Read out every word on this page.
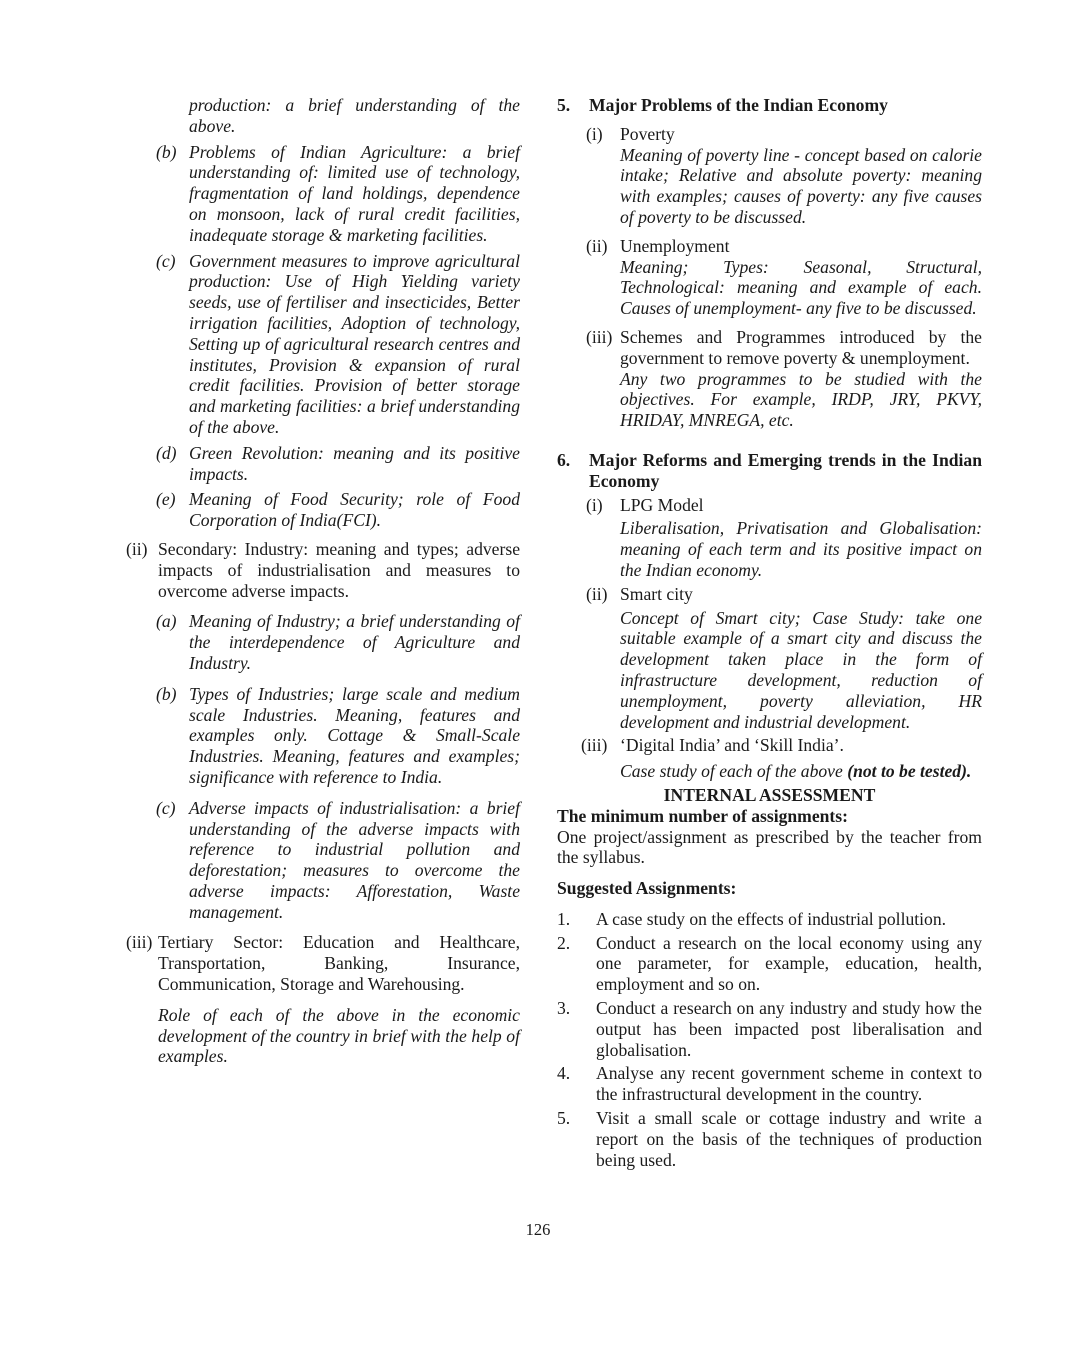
production: a brief understanding of the above.
(b) Problems of Indian Agriculture: a brief understanding of: limited use of technology, fragmentation of land holdings, dependence on monsoon, lack of rural credit facilities, inadequate storage & marketing facilities.
(c) Government measures to improve agricultural production: Use of High Yielding variety seeds, use of fertiliser and insecticides, Better irrigation facilities, Adoption of technology, Setting up of agricultural research centres and institutes, Provision & expansion of rural credit facilities. Provision of better storage and marketing facilities: a brief understanding of the above.
(d) Green Revolution: meaning and its positive impacts.
(e) Meaning of Food Security; role of Food Corporation of India(FCI).
(ii) Secondary: Industry: meaning and types; adverse impacts of industrialisation and measures to overcome adverse impacts.
(a) Meaning of Industry; a brief understanding of the interdependence of Agriculture and Industry.
(b) Types of Industries; large scale and medium scale Industries. Meaning, features and examples only. Cottage & Small-Scale Industries. Meaning, features and examples; significance with reference to India.
(c) Adverse impacts of industrialisation: a brief understanding of the adverse impacts with reference to industrial pollution and deforestation; measures to overcome the adverse impacts: Afforestation, Waste management.
(iii) Tertiary Sector: Education and Healthcare, Transportation, Banking, Insurance, Communication, Storage and Warehousing.
Role of each of the above in the economic development of the country in brief with the help of examples.
5.	Major Problems of the Indian Economy
(i) Poverty
Meaning of poverty line - concept based on calorie intake; Relative and absolute poverty: meaning with examples; causes of poverty: any five causes of poverty to be discussed.
(ii) Unemployment
Meaning; Types: Seasonal, Structural, Technological: meaning and example of each. Causes of unemployment- any five to be discussed.
(iii) Schemes and Programmes introduced by the government to remove poverty & unemployment.
Any two programmes to be studied with the objectives. For example, IRDP, JRY, PKVY, HRIDAY, MNREGA, etc.
6.	Major Reforms and Emerging trends in the Indian Economy
(i) LPG Model
Liberalisation, Privatisation and Globalisation: meaning of each term and its positive impact on the Indian economy.
(ii) Smart city
Concept of Smart city; Case Study: take one suitable example of a smart city and discuss the development taken place in the form of infrastructure development, reduction of unemployment, poverty alleviation, HR development and industrial development.
(iii) ‘Digital India’ and ‘Skill India’.
Case study of each of the above (not to be tested).
INTERNAL ASSESSMENT
The minimum number of assignments:
One project/assignment as prescribed by the teacher from the syllabus.
Suggested Assignments:
1.	A case study on the effects of industrial pollution.
2.	Conduct a research on the local economy using any one parameter, for example, education, health, employment and so on.
3.	Conduct a research on any industry and study how the output has been impacted post liberalisation and globalisation.
4.	Analyse any recent government scheme in context to the infrastructural development in the country.
5.	Visit a small scale or cottage industry and write a report on the basis of the techniques of production being used.
126
